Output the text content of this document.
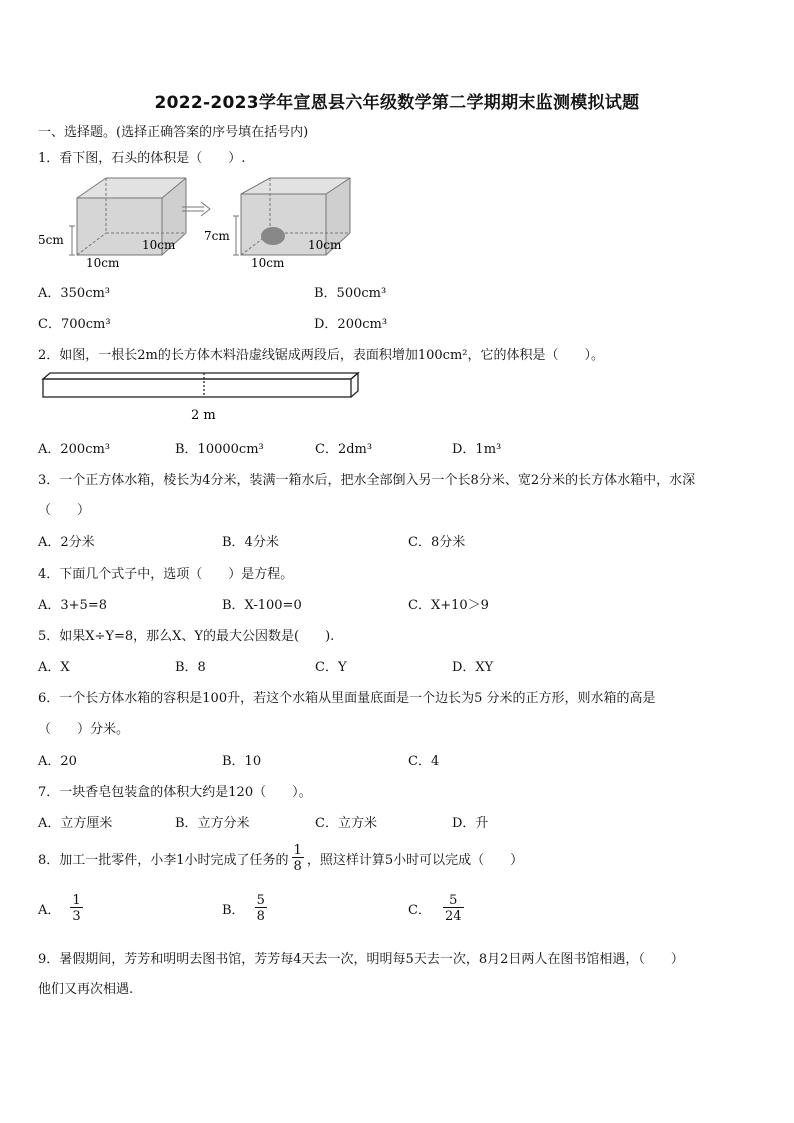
2022-2023学年宣恩县六年级数学第二学期期末监测模拟试题
一、选择题。(选择正确答案的序号填在括号内)
1．看下图，石头的体积是（　　）.
5cm	10cm
10cm
7cm
10cm
10cm
A．350cm³	B．500cm³
C．700cm³	D．200cm³
2．如图，一根长2m的长方体木料沿虚线锯成两段后，表面积增加100cm²，它的体积是（　　）。
2 m
A．200cm³	B．10000cm³	C．2dm³	D．1m³
3．一个正方体水箱，棱长为4分米，装满一箱水后，把水全部倒入另一个长8分米、宽2分米的长方体水箱中，水深
（　　）
A．2分米	B．4分米	C．8分米
4．下面几个式子中，选项（　　）是方程。
A．3+5=8	B．X-100=0	C．X+10＞9
5．如果X÷Y=8，那么X、Y的最大公因数是(　　).
A．X	B．8	C．Y	D．XY
6．一个长方体水箱的容积是100升，若这个水箱从里面量底面是一个边长为5 分米的正方形，则水箱的高是
（　　）分米。
A．20	B．10	C．4
7．一块香皂包装盒的体积大约是120（　　）。
A．立方厘米	B．立方分米	C．立方米	D．升
8．加工一批零件，小李1小时完成了任务的 $\frac{1}{8}$ ，照这样计算5小时可以完成（　　）
A． $\frac{1}{3}$	B． $\frac{5}{8}$	C． $\frac{5}{24}$
9．暑假期间，芳芳和明明去图书馆，芳芳每4天去一次，明明每5天去一次，8月2日两人在图书馆相遇，（　　）
他们又再次相遇.
